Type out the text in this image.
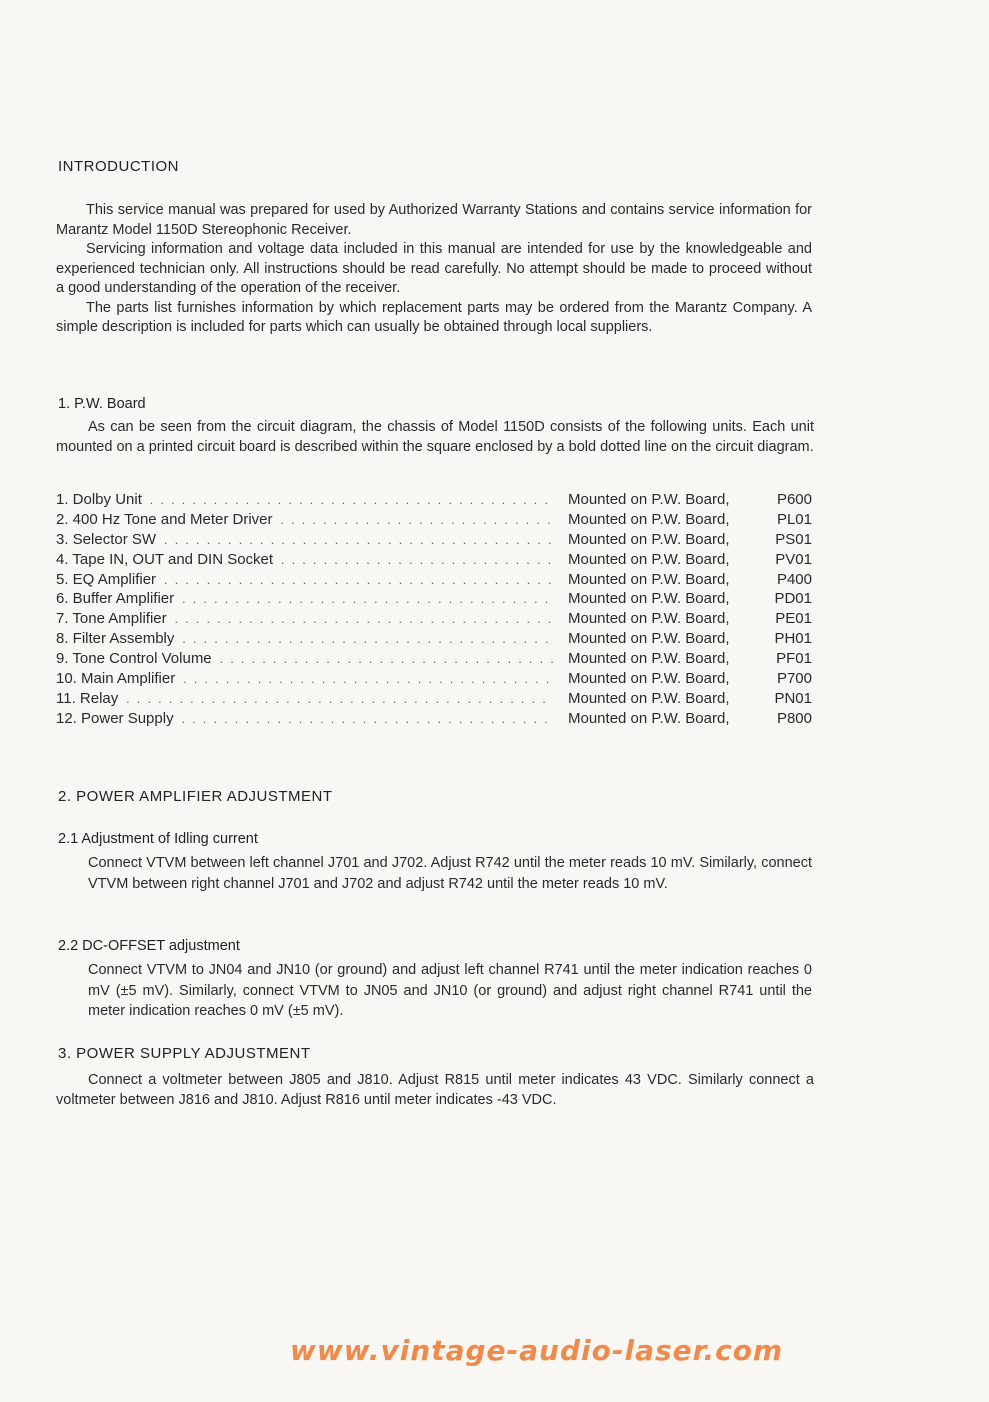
INTRODUCTION

This service manual was prepared for used by Authorized Warranty Stations and contains service information for Marantz Model 1150D Stereophonic Receiver.

Servicing information and voltage data included in this manual are intended for use by the knowledgeable and experienced technician only. All instructions should be read carefully. No attempt should be made to proceed without a good understanding of the operation of the receiver.

The parts list furnishes information by which replacement parts may be ordered from the Marantz Company. A simple description is included for parts which can usually be obtained through local suppliers.

1. P.W. Board
As can be seen from the circuit diagram, the chassis of Model 1150D consists of the following units. Each unit mounted on a printed circuit board is described within the square enclosed by a bold dotted line on the circuit diagram.
1. Dolby Unit . . .	Mounted on P.W. Board,	P600
2. 400 Hz Tone and Meter Driver . . .	Mounted on P.W. Board,	PL01
3. Selector SW . . .	Mounted on P.W. Board,	PS01
4. Tape IN, OUT and DIN Socket . . .	Mounted on P.W. Board,	PV01
5. EQ Amplifier . . .	Mounted on P.W. Board,	P400
6. Buffer Amplifier . . .	Mounted on P.W. Board,	PD01
7. Tone Amplifier . . .	Mounted on P.W. Board,	PE01
8. Filter Assembly . . .	Mounted on P.W. Board,	PH01
9. Tone Control Volume . . .	Mounted on P.W. Board,	PF01
10. Main Amplifier . . .	Mounted on P.W. Board,	P700
11. Relay . . .	Mounted on P.W. Board,	PN01
12. Power Supply . . .	Mounted on P.W. Board,	P800
2. POWER AMPLIFIER ADJUSTMENT
2.1 Adjustment of Idling current
Connect VTVM between left channel J701 and J702. Adjust R742 until the meter reads 10 mV. Similarly, connect VTVM between right channel J701 and J702 and adjust R742 until the meter reads 10 mV.
2.2 DC-OFFSET adjustment
Connect VTVM to JN04 and JN10 (or ground) and adjust left channel R741 until the meter indication reaches 0 mV (±5 mV). Similarly, connect VTVM to JN05 and JN10 (or ground) and adjust right channel R741 until the meter indication reaches 0 mV (±5 mV).
3. POWER SUPPLY ADJUSTMENT
Connect a voltmeter between J805 and J810. Adjust R815 until meter indicates 43 VDC. Similarly connect a voltmeter between J816 and J810. Adjust R816 until meter indicates -43 VDC.
www.vintage-audio-laser.com
